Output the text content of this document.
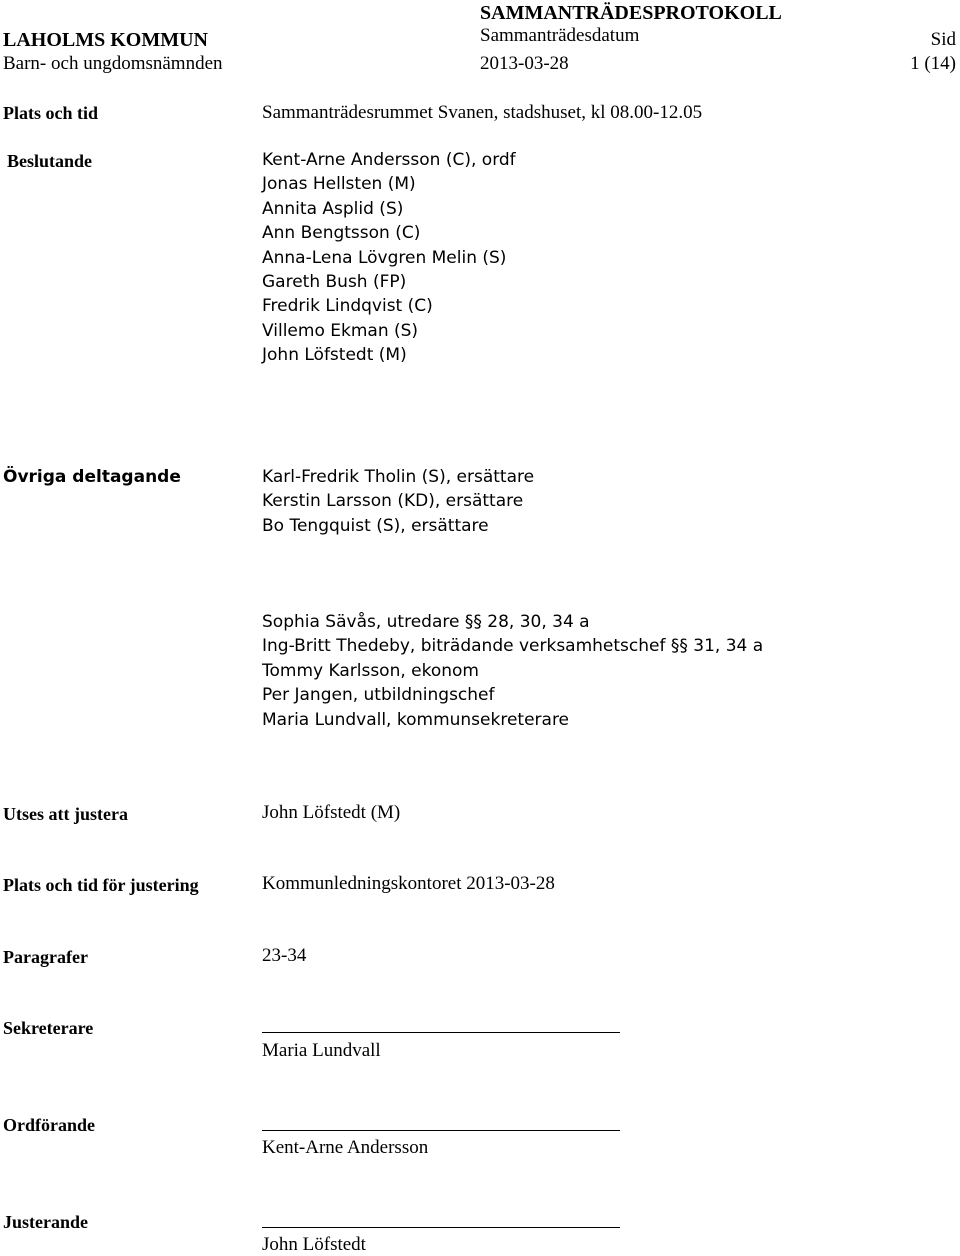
LAHOLMS KOMMUN
Barn- och ungdomsnämnden
SAMMANTRÄDESPROTOKOLL
Sammanträdesdatum
2013-03-28
Sid
1 (14)
Plats och tid	Sammanträdesrummet Svanen, stadshuset, kl 08.00-12.05
Beslutande	Kent-Arne Andersson (C), ordf
Jonas Hellsten (M)
Annita Asplid (S)
Ann Bengtsson (C)
Anna-Lena Lövgren Melin (S)
Gareth Bush (FP)
Fredrik Lindqvist (C)
Villemo Ekman (S)
John Löfstedt (M)
Övriga deltagande	Karl-Fredrik Tholin (S), ersättare
Kerstin Larsson (KD), ersättare
Bo Tengquist (S), ersättare
Sophia Sävås, utredare §§ 28, 30, 34 a
Ing-Britt Thedeby, biträdande verksamhetschef §§ 31, 34 a
Tommy Karlsson, ekonom
Per Jangen, utbildningschef
Maria Lundvall, kommunsekreterare
Utses att justera	John Löfstedt (M)
Plats och tid för justering	Kommunledningskontoret 2013-03-28
Paragrafer	23-34
Sekreterare
Maria Lundvall
Ordförande
Kent-Arne Andersson
Justerande
John Löfstedt
